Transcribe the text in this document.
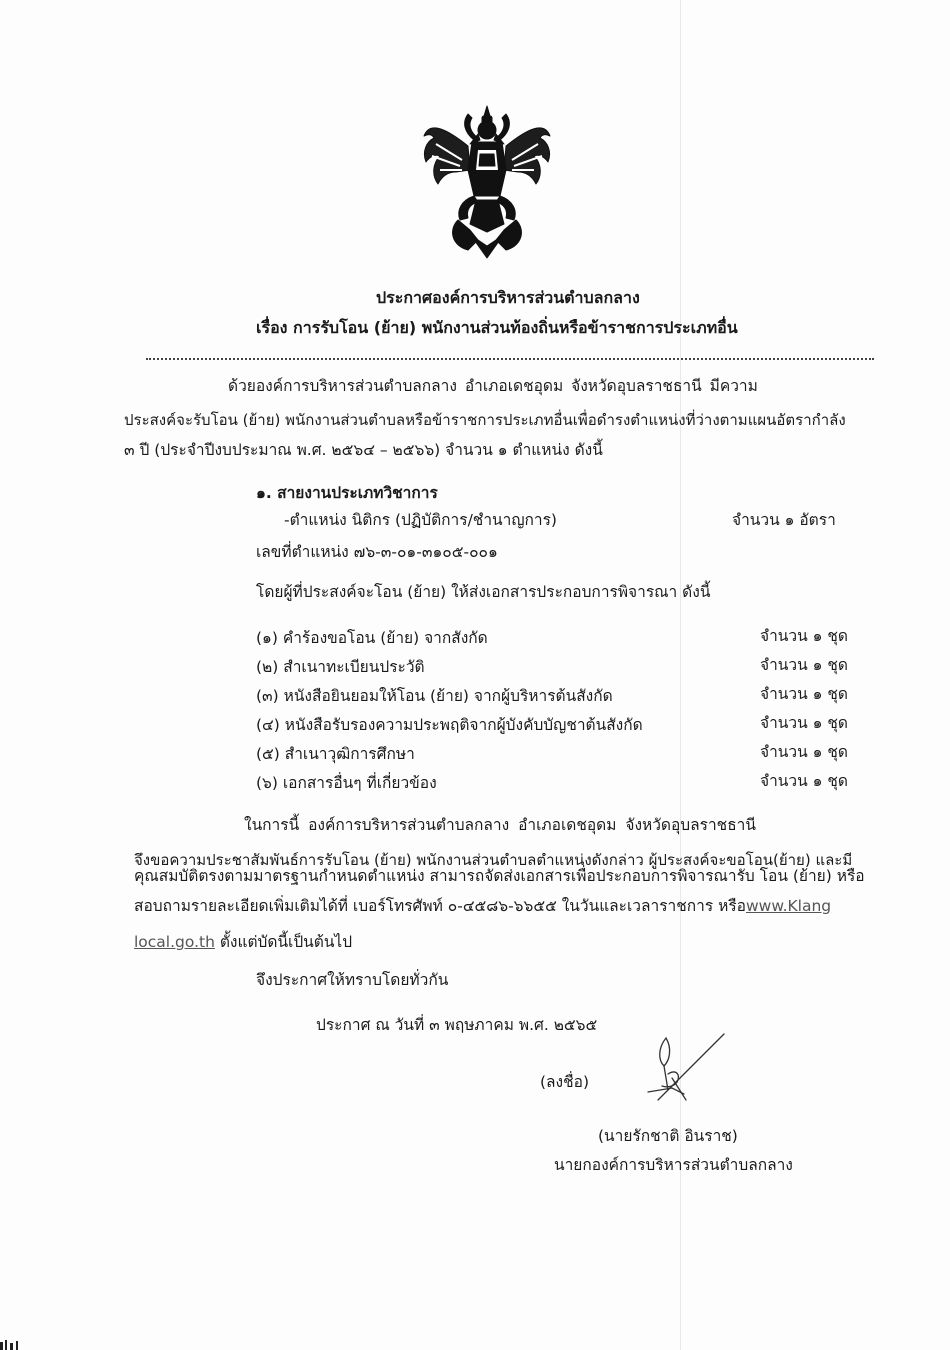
ประกาศองค์การบริหารส่วนตำบลกลาง
เรื่อง การรับโอน (ย้าย) พนักงานส่วนท้องถิ่นหรือข้าราชการประเภทอื่น
ด้วยองค์การบริหารส่วนตำบลกลาง อำเภอเดชอุดม จังหวัดอุบลราชธานี มีความ
ประสงค์จะรับโอน (ย้าย) พนักงานส่วนตำบลหรือข้าราชการประเภทอื่นเพื่อดำรงตำแหน่งที่ว่างตามแผนอัตรากำลัง
๓ ปี (ประจำปีงบประมาณ พ.ศ. ๒๕๖๔ – ๒๕๖๖) จำนวน ๑ ตำแหน่ง ดังนี้
๑. สายงานประเภทวิชาการ
-ตำแหน่ง นิติกร (ปฏิบัติการ/ชำนาญการ)	จำนวน ๑ อัตรา
เลขที่ตำแหน่ง ๗๖-๓-๐๑-๓๑๐๕-๐๐๑
โดยผู้ที่ประสงค์จะโอน (ย้าย) ให้ส่งเอกสารประกอบการพิจารณา ดังนี้
(๑) คำร้องขอโอน (ย้าย) จากสังกัด	จำนวน ๑ ชุด
(๒) สำเนาทะเบียนประวัติ	จำนวน ๑ ชุด
(๓) หนังสือยินยอมให้โอน (ย้าย) จากผู้บริหารต้นสังกัด	จำนวน ๑ ชุด
(๔) หนังสือรับรองความประพฤติจากผู้บังคับบัญชาต้นสังกัด	จำนวน ๑ ชุด
(๕) สำเนาวุฒิการศึกษา	จำนวน ๑ ชุด
(๖) เอกสารอื่นๆ ที่เกี่ยวข้อง	จำนวน ๑ ชุด
ในการนี้ องค์การบริหารส่วนตำบลกลาง อำเภอเดชอุดม จังหวัดอุบลราชธานี
จึงขอความประชาสัมพันธ์การรับโอน (ย้าย) พนักงานส่วนตำบลตำแหน่งดังกล่าว ผู้ประสงค์จะขอโอน(ย้าย) และมี
คุณสมบัติตรงตามมาตรฐานกำหนดตำแหน่ง สามารถจัดส่งเอกสารเพื่อประกอบการพิจารณารับ โอน (ย้าย) หรือ
สอบถามรายละเอียดเพิ่มเติมได้ที่ เบอร์โทรศัพท์ ๐-๔๕๘๖-๖๖๕๕ ในวันและเวลาราชการ หรือwww.Klang
local.go.th ตั้งแต่บัดนี้เป็นต้นไป
จึงประกาศให้ทราบโดยทั่วกัน
ประกาศ ณ วันที่ ๓ พฤษภาคม พ.ศ. ๒๕๖๕
(ลงชื่อ)
(นายรักชาติ อินราช)
นายกองค์การบริหารส่วนตำบลกลาง
